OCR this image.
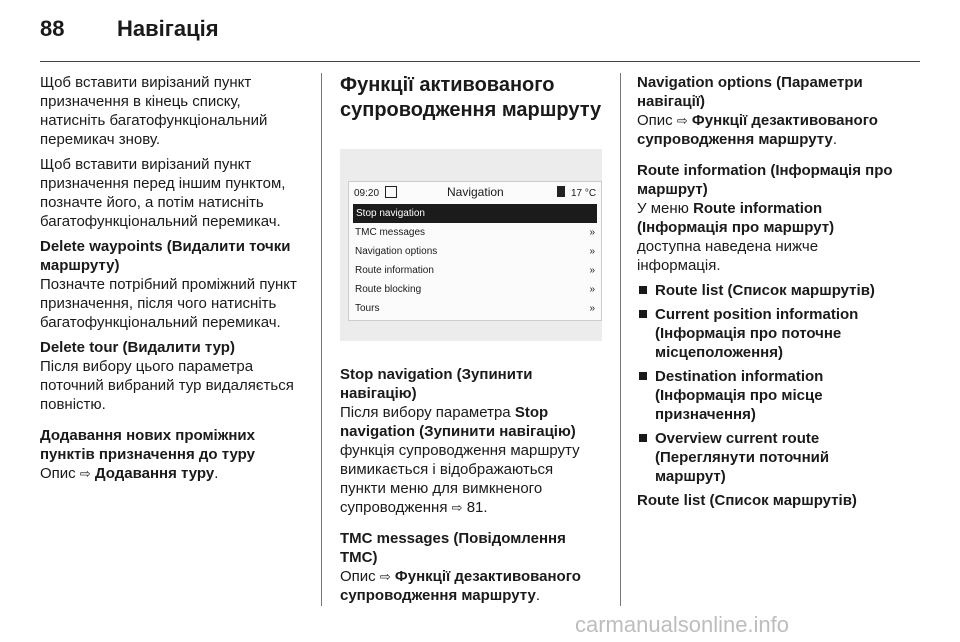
88 Навігація

Щоб вставити вирізаний пункт призначення в кінець списку, натисніть багатофункціональний перемикач знову.

Щоб вставити вирізаний пункт призначення перед іншим пунктом, позначте його, а потім натисніть багатофункціональний перемикач.

Delete waypoints (Видалити точки маршруту)

Позначте потрібний проміжний пункт призначення, після чого натисніть багатофункціональний перемикач.

Delete tour (Видалити тур)

Після вибору цього параметра поточний вибраний тур видаляється повністю.

Додавання нових проміжних пунктів призначення до туру

Опис ⇨ Додавання туру.

Функції активованого супроводження маршруту

09:20	Navigation	17 °C
Stop navigation
TMC messages	»
Navigation options	»
Route information	»
Route blocking	»
Tours	»

Stop navigation (Зупинити навігацію)

Після вибору параметра Stop navigation (Зупинити навігацію) функція супроводження маршруту вимикається і відображаються пункти меню для вимкненого супроводження ⇨ 81.

TMC messages (Повідомлення TMC)

Опис ⇨ Функції дезактивованого супроводження маршруту.

Navigation options (Параметри навігації)

Опис ⇨ Функції дезактивованого супроводження маршруту.

Route information (Інформація про маршрут)

У меню Route information (Інформація про маршрут) доступна наведена нижче інформація.

Route list (Список маршрутів)
Current position information (Інформація про поточне місцеположення)
Destination information (Інформація про місце призначення)
Overview current route (Переглянути поточний маршрут)

Route list (Список маршрутів)

carmanualsonline.info
